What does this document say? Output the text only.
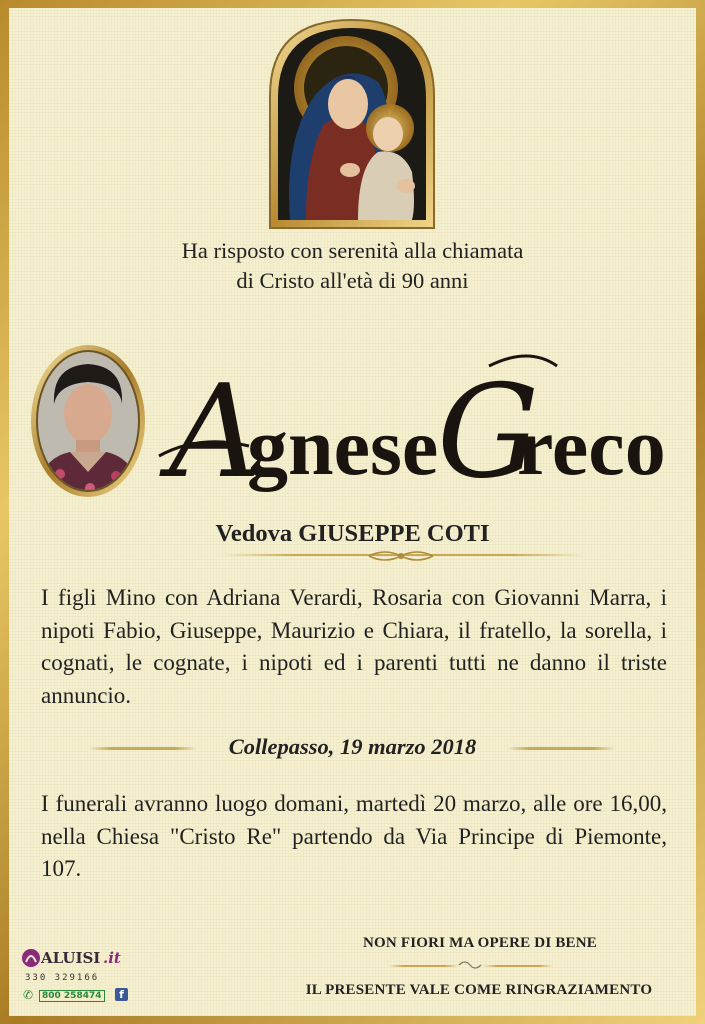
Ha risposto con serenità alla chiamata
di Cristo all'età di 90 anni
A
gnese
G
reco
Vedova GIUSEPPE COTI
I figli Mino con Adriana Verardi, Rosaria con Giovanni Marra, i nipoti Fabio, Giuseppe, Maurizio e Chiara, il fratello, la sorella, i cognati, le cognate, i nipoti ed i parenti tutti ne danno il triste annuncio.
Collepasso, 19 marzo 2018
I funerali avranno luogo domani, martedì 20 marzo, alle ore 16,00, nella Chiesa "Cristo Re" partendo da Via Principe di Piemonte, 107.
ALUISI .it
330 329166
✆ 800 258474	f
NON FIORI MA OPERE DI BENE
IL PRESENTE VALE COME RINGRAZIAMENTO
